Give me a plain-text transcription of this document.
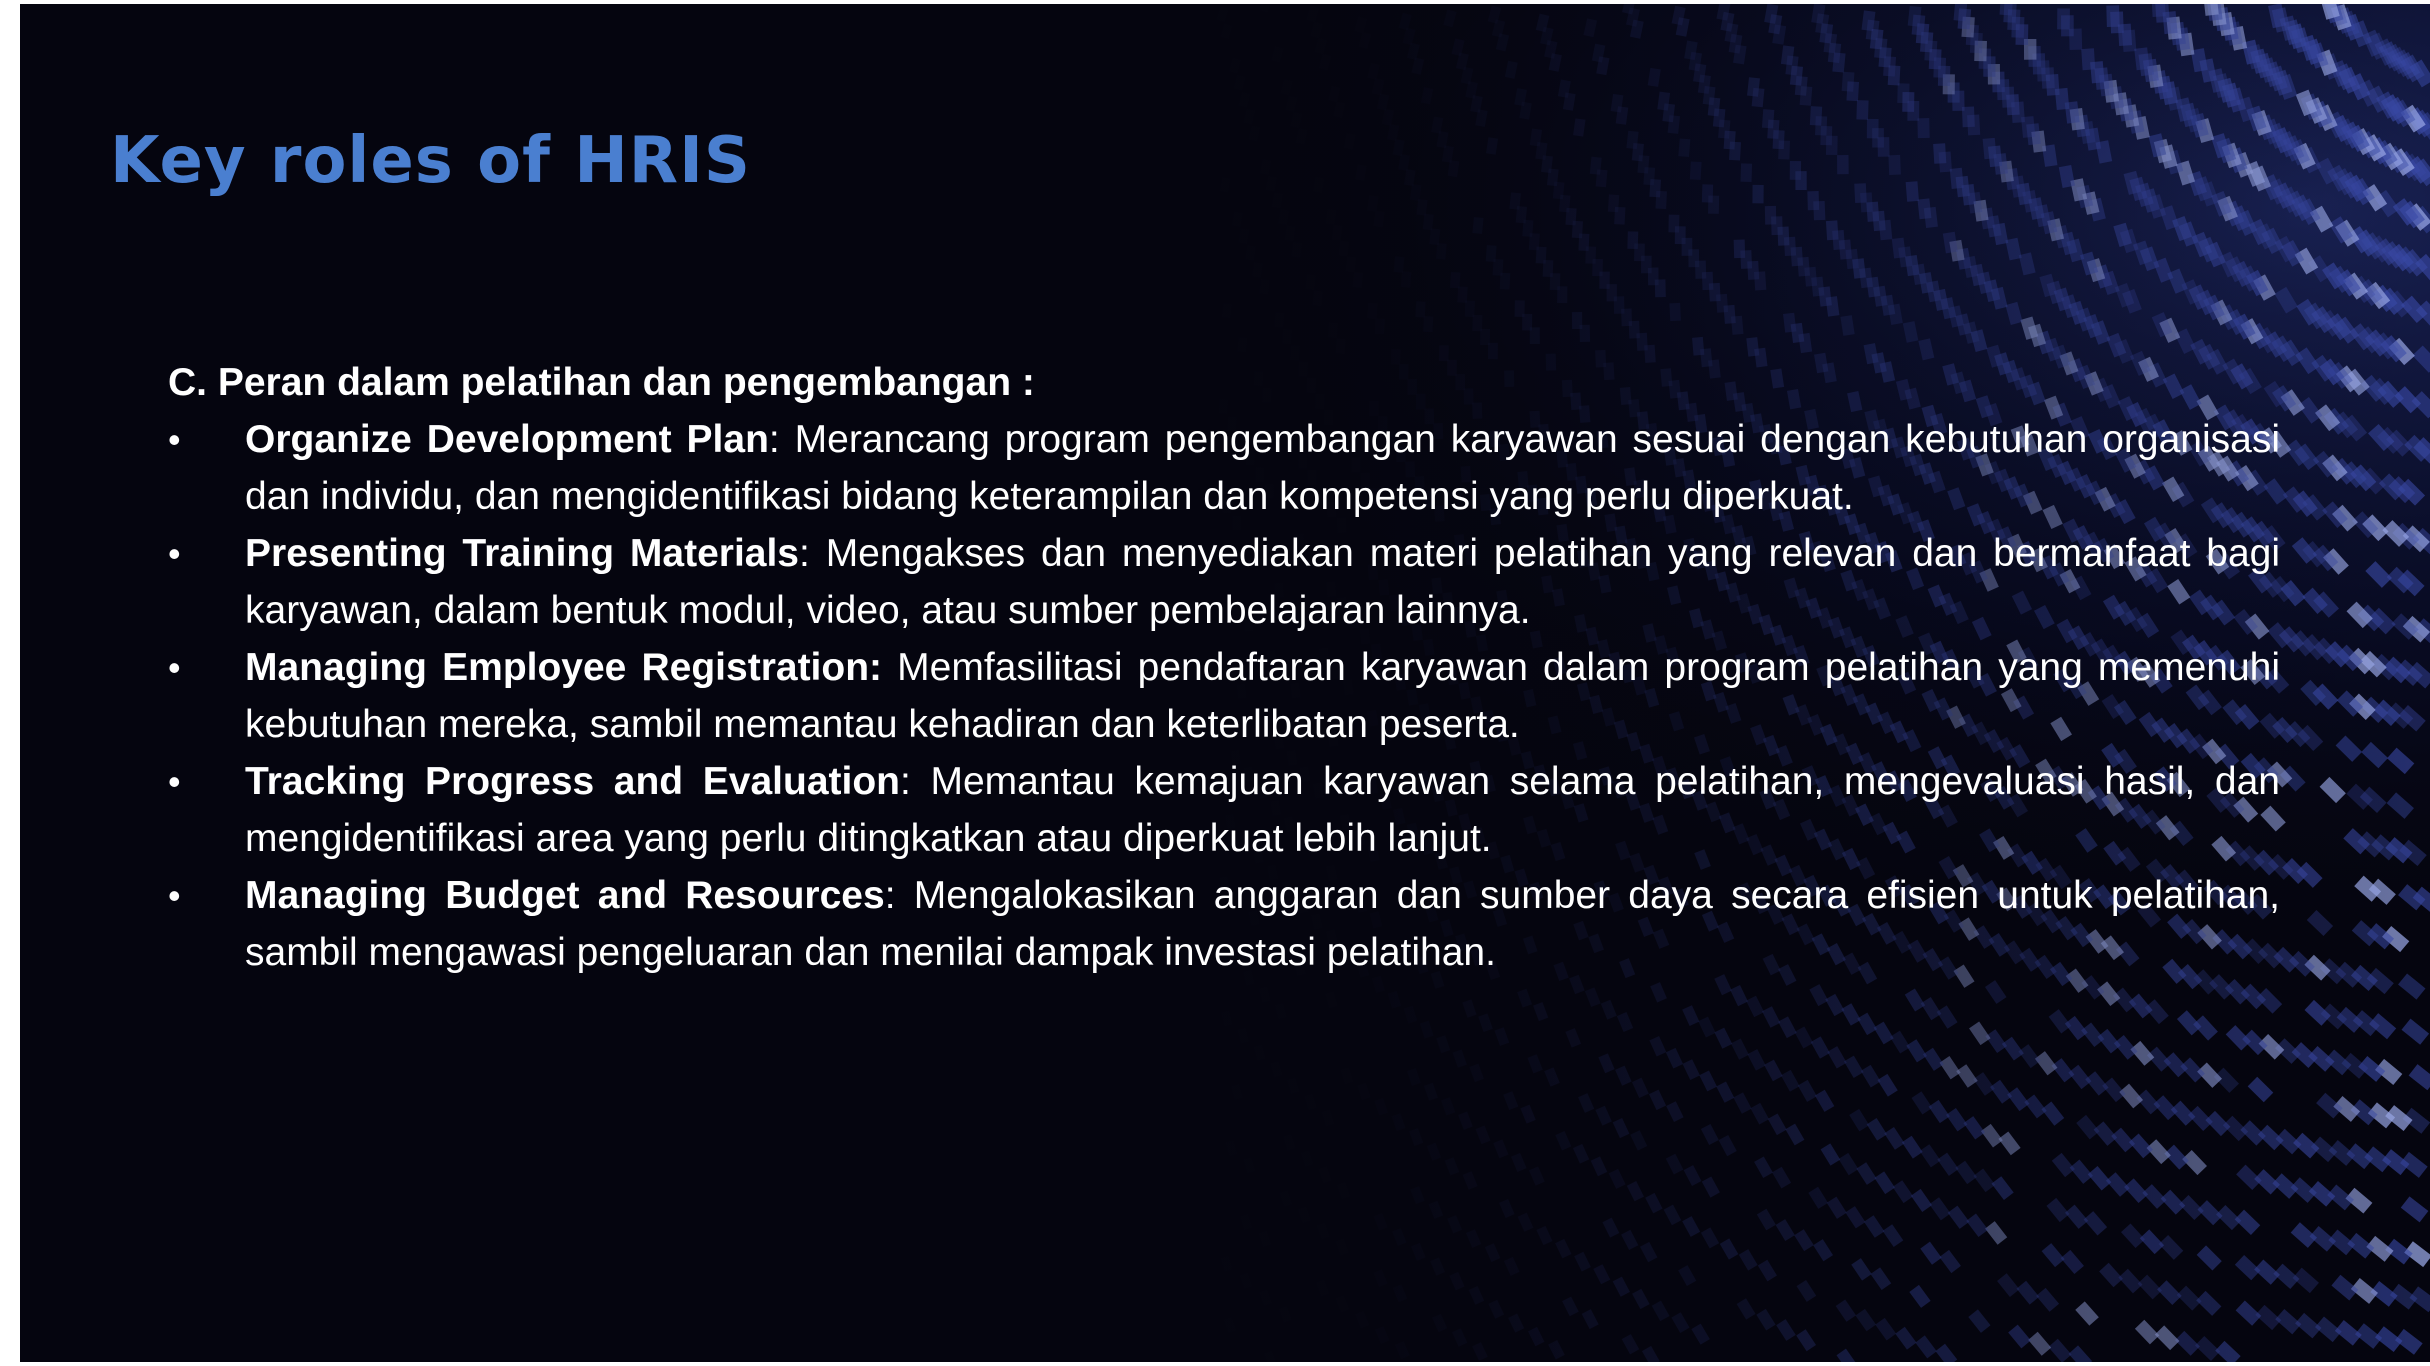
Key roles of HRIS

C. Peran dalam pelatihan dan pengembangan :

• Organize Development Plan: Merancang program pengembangan karyawan sesuai dengan kebutuhan organisasi dan individu, dan mengidentifikasi bidang keterampilan dan kompetensi yang perlu diperkuat.
• Presenting Training Materials: Mengakses dan menyediakan materi pelatihan yang relevan dan bermanfaat bagi karyawan, dalam bentuk modul, video, atau sumber pembelajaran lainnya.
• Managing Employee Registration: Memfasilitasi pendaftaran karyawan dalam program pelatihan yang memenuhi kebutuhan mereka, sambil memantau kehadiran dan keterlibatan peserta.
• Tracking Progress and Evaluation: Memantau kemajuan karyawan selama pelatihan, mengevaluasi hasil, dan mengidentifikasi area yang perlu ditingkatkan atau diperkuat lebih lanjut.
• Managing Budget and Resources: Mengalokasikan anggaran dan sumber daya secara efisien untuk pelatihan, sambil mengawasi pengeluaran dan menilai dampak investasi pelatihan.
